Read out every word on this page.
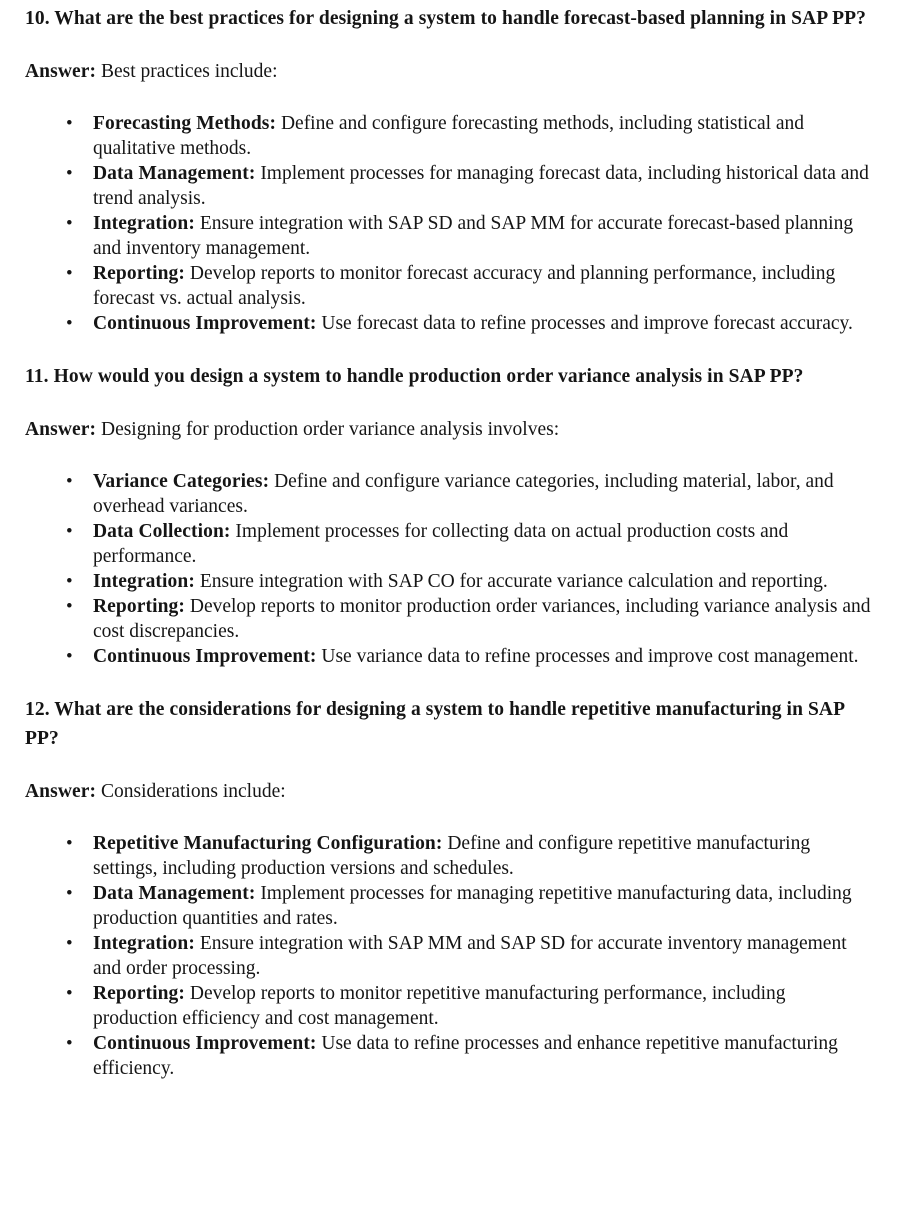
10. What are the best practices for designing a system to handle forecast-based planning in SAP PP?

Answer: Best practices include:

• Forecasting Methods: Define and configure forecasting methods, including statistical and qualitative methods.
• Data Management: Implement processes for managing forecast data, including historical data and trend analysis.
• Integration: Ensure integration with SAP SD and SAP MM for accurate forecast-based planning and inventory management.
• Reporting: Develop reports to monitor forecast accuracy and planning performance, including forecast vs. actual analysis.
• Continuous Improvement: Use forecast data to refine processes and improve forecast accuracy.
11. How would you design a system to handle production order variance analysis in SAP PP?

Answer: Designing for production order variance analysis involves:

• Variance Categories: Define and configure variance categories, including material, labor, and overhead variances.
• Data Collection: Implement processes for collecting data on actual production costs and performance.
• Integration: Ensure integration with SAP CO for accurate variance calculation and reporting.
• Reporting: Develop reports to monitor production order variances, including variance analysis and cost discrepancies.
• Continuous Improvement: Use variance data to refine processes and improve cost management.
12. What are the considerations for designing a system to handle repetitive manufacturing in SAP PP?

Answer: Considerations include:

• Repetitive Manufacturing Configuration: Define and configure repetitive manufacturing settings, including production versions and schedules.
• Data Management: Implement processes for managing repetitive manufacturing data, including production quantities and rates.
• Integration: Ensure integration with SAP MM and SAP SD for accurate inventory management and order processing.
• Reporting: Develop reports to monitor repetitive manufacturing performance, including production efficiency and cost management.
• Continuous Improvement: Use data to refine processes and enhance repetitive manufacturing efficiency.
